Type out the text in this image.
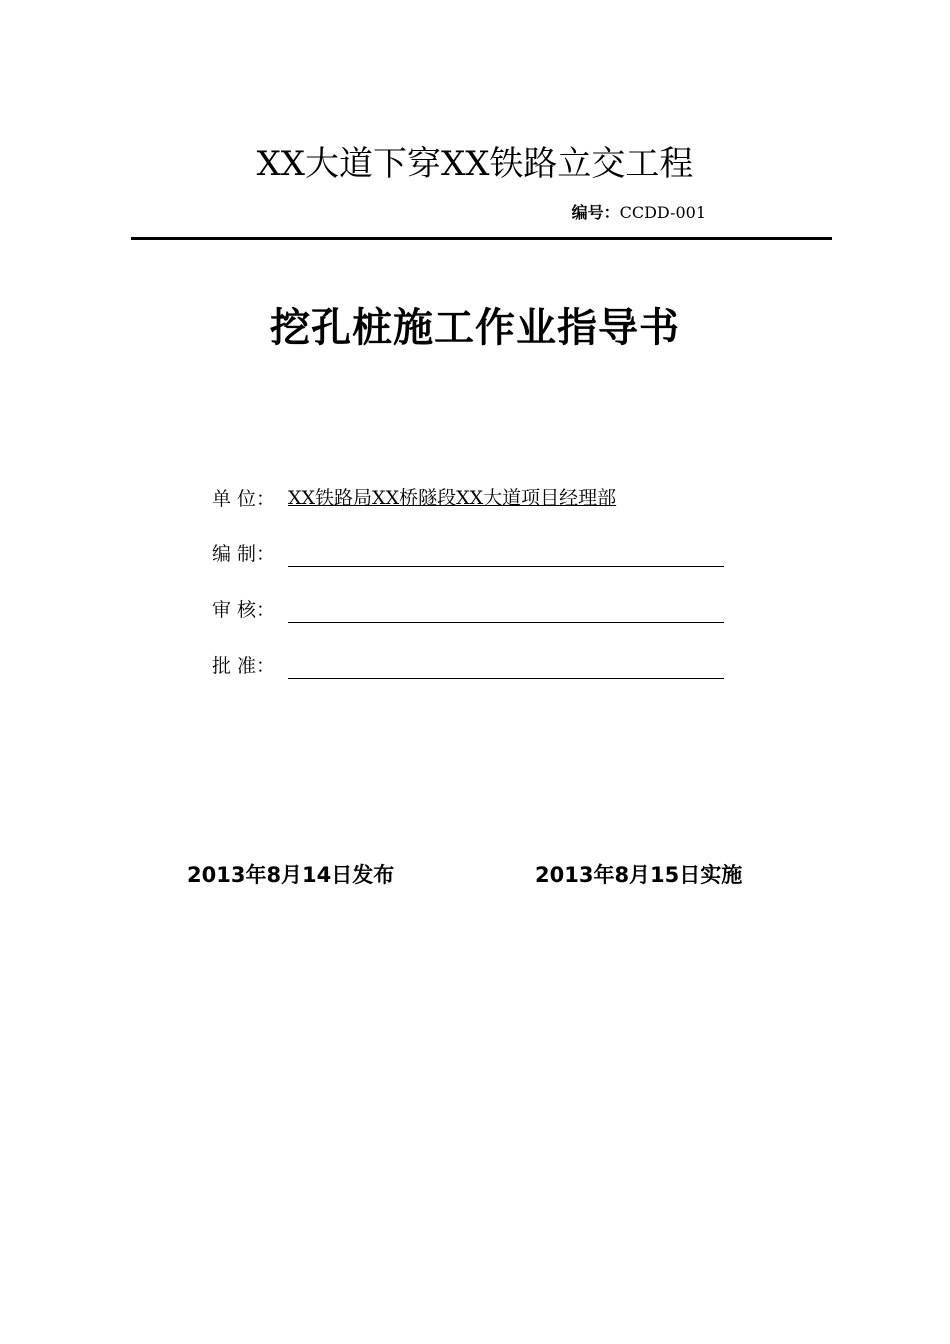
XX大道下穿XX铁路立交工程
编号：CCDD-001
挖孔桩施工作业指导书
单 位： XX铁路局XX桥隧段XX大道项目经理部
编 制：
审 核：
批 准：
2013年8月14日发布	2013年8月15日实施
